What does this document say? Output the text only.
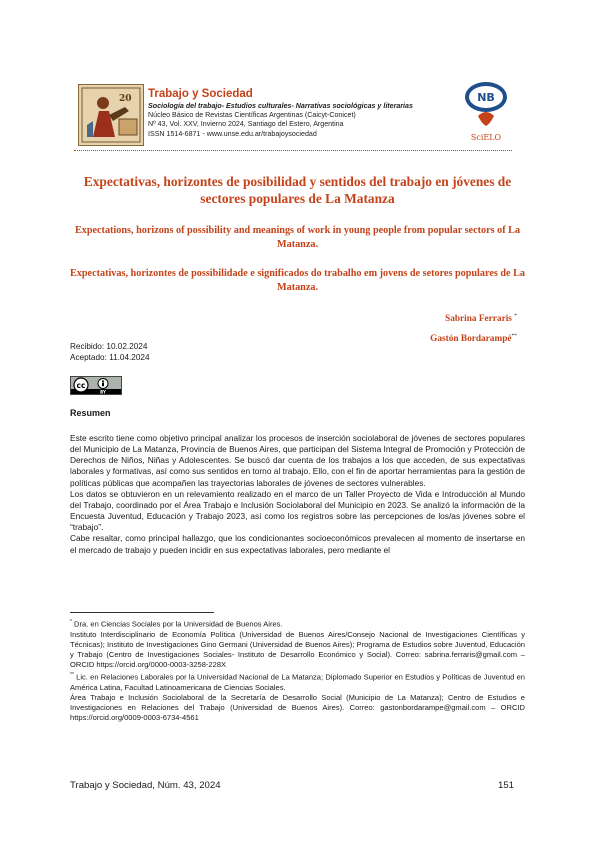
20 Trabajo y Sociedad
Sociología del trabajo- Estudios culturales- Narrativas sociológicas y literarias
Núcleo Básico de Revistas Científicas Argentinas (Caicyt-Conicet)
Nº 43, Vol. XXV, Invierno 2024, Santiago del Estero, Argentina
ISSN 1514-6871 - www.unse.edu.ar/trabajoysociedad
NB
SciELO
Expectativas, horizontes de posibilidad y sentidos del trabajo en jóvenes de sectores populares de La Matanza
Expectations, horizons of possibility and meanings of work in young people from popular sectors of La Matanza.
Expectativas, horizontes de possibilidade e significados do trabalho em jovens de setores populares de La Matanza.
Sabrina Ferraris *
Gastón Bordarampé**
Recibido: 10.02.2024
Aceptado: 11.04.2024
cc
BY
Resumen

Este escrito tiene como objetivo principal analizar los procesos de inserción sociolaboral de jóvenes de sectores populares del Municipio de La Matanza, Provincia de Buenos Aires, que participan del Sistema Integral de Promoción y Protección de Derechos de Niños, Niñas y Adolescentes. Se buscó dar cuenta de los trabajos a los que acceden, de sus expectativas laborales y formativas, así como sus sentidos en torno al trabajo. Ello, con el fin de aportar herramientas para la gestión de políticas públicas que acompañen las trayectorias laborales de jóvenes de sectores vulnerables.

Los datos se obtuvieron en un relevamiento realizado en el marco de un Taller Proyecto de Vida e Introducción al Mundo del Trabajo, coordinado por el Área Trabajo e Inclusión Sociolaboral del Municipio en 2023. Se analizó la información de la Encuesta Juventud, Educación y Trabajo 2023, así como los registros sobre las percepciones de los/as jóvenes sobre el “trabajo”.

Cabe resaltar, como principal hallazgo, que los condicionantes socioeconómicos prevalecen al momento de insertarse en el mercado de trabajo y pueden incidir en sus expectativas laborales, pero mediante el

* Dra. en Ciencias Sociales por la Universidad de Buenos Aires.

Instituto Interdisciplinario de Economía Política (Universidad de Buenos Aires/Consejo Nacional de Investigaciones Científicas y Técnicas); Instituto de Investigaciones Gino Germani (Universidad de Buenos Aires); Programa de Estudios sobre Juventud, Educación y Trabajo (Centro de Investigaciones Sociales- Instituto de Desarrollo Económico y Social). Correo: sabrina.ferraris@gmail.com – ORCID https://orcid.org/0000-0003-3258-228X

** Lic. en Relaciones Laborales por la Universidad Nacional de La Matanza; Diplomado Superior en Estudios y Políticas de Juventud en América Latina, Facultad Latinoamericana de Ciencias Sociales.

Área Trabajo e Inclusión Sociolaboral de la Secretaría de Desarrollo Social (Municipio de La Matanza); Centro de Estudios e Investigaciones en Relaciones del Trabajo (Universidad de Buenos Aires). Correo: gastonbordarampe@gmail.com – ORCID https://orcid.org/0009-0003-6734-4561

Trabajo y Sociedad, Núm. 43, 2024	151
